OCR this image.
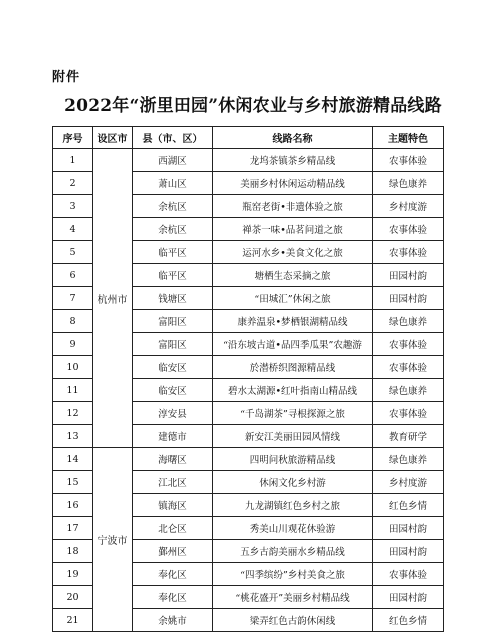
附件
2022年“浙里田园”休闲农业与乡村旅游精品线路
序号	设区市	县（市、区）	线路名称	主题特色
1	杭州市	西湖区	龙坞茶镇茶乡精品线	农事体验
2		萧山区	美丽乡村休闲运动精品线	绿色康养
3		余杭区	瓶窑老街•非遗体验之旅	乡村度游
4		余杭区	禅茶一味•品茗问道之旅	农事体验
5		临平区	运河水乡•美食文化之旅	农事体验
6		临平区	塘栖生态采摘之旅	田园村韵
7		钱塘区	“田城汇”休闲之旅	田园村韵
8		富阳区	康养温泉•梦栖银湖精品线	绿色康养
9		富阳区	“沿东坡古道•品四季瓜果”农趣游	农事体验
10		临安区	於潜桥织图源精品线	农事体验
11		临安区	碧水太湖源•红叶指南山精品线	绿色康养
12		淳安县	“千岛湖茶”寻根探源之旅	农事体验
13		建德市	新安江美丽田园风情线	教育研学
14	宁波市	海曙区	四明问秋旅游精品线	绿色康养
15		江北区	休闲文化乡村游	乡村度游
16		镇海区	九龙湖镇红色乡村之旅	红色乡情
17		北仑区	秀美山川观花休验游	田园村韵
18		鄞州区	五乡古韵美丽水乡精品线	田园村韵
19		奉化区	“四季缤纷”乡村美食之旅	农事体验
20		奉化区	“桃花盛开”美丽乡村精品线	田园村韵
21		余姚市	梁弄红色古韵休闲线	红色乡情
